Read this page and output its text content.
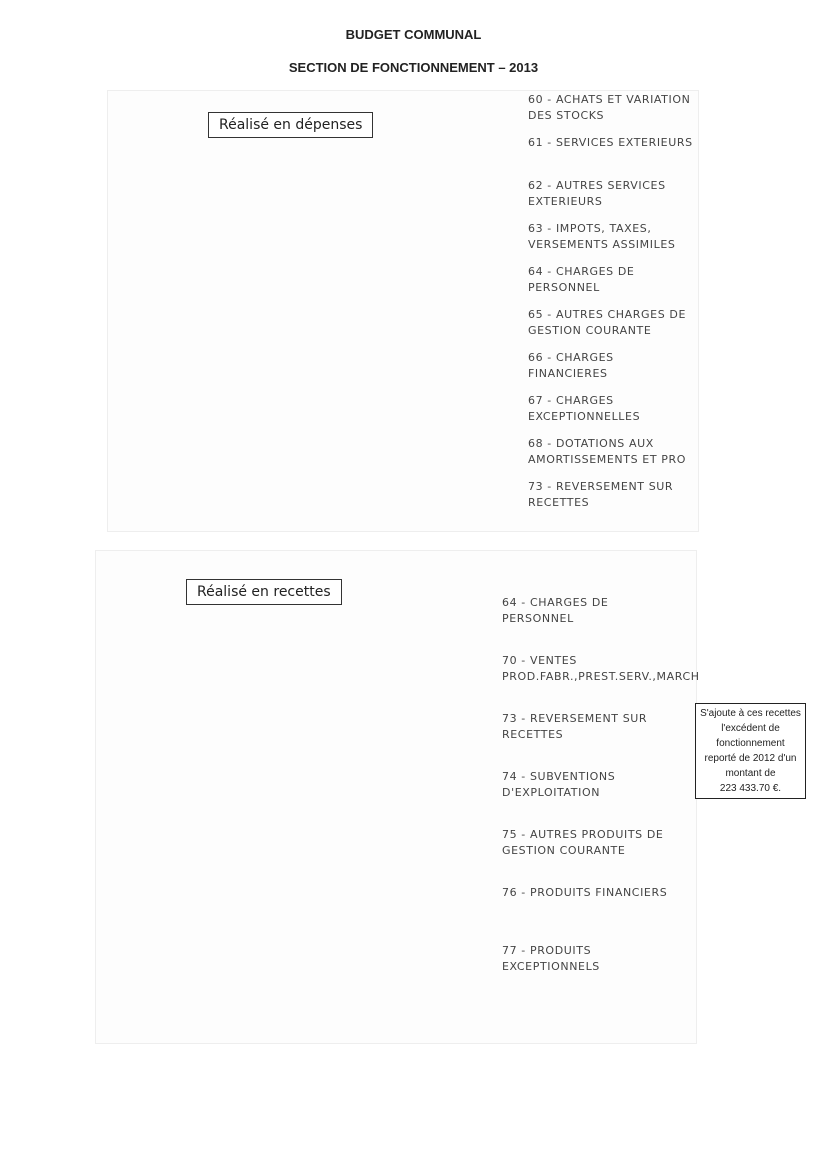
BUDGET COMMUNAL
SECTION DE FONCTIONNEMENT – 2013
Réalisé en dépenses
Réalisé en recettes
60 - ACHATS ET VARIATION DES STOCKS
61 - SERVICES EXTERIEURS
62 - AUTRES SERVICES EXTERIEURS
63 - IMPOTS, TAXES, VERSEMENTS ASSIMILES
64 - CHARGES DE PERSONNEL
65 - AUTRES CHARGES DE GESTION COURANTE
66 - CHARGES FINANCIERES
67 - CHARGES EXCEPTIONNELLES
68 - DOTATIONS AUX AMORTISSEMENTS ET PRO
73 - REVERSEMENT SUR RECETTES
64 - CHARGES DE PERSONNEL
70 - VENTES PROD.FABR.,PREST.SERV.,MARCH
73 - REVERSEMENT SUR RECETTES
74 - SUBVENTIONS D'EXPLOITATION
75 - AUTRES PRODUITS DE GESTION COURANTE
76 - PRODUITS FINANCIERS
77 - PRODUITS EXCEPTIONNELS
S'ajoute à ces recettes
l'excédent de
fonctionnement
reporté de 2012 d'un
montant de
223 433.70 €.
